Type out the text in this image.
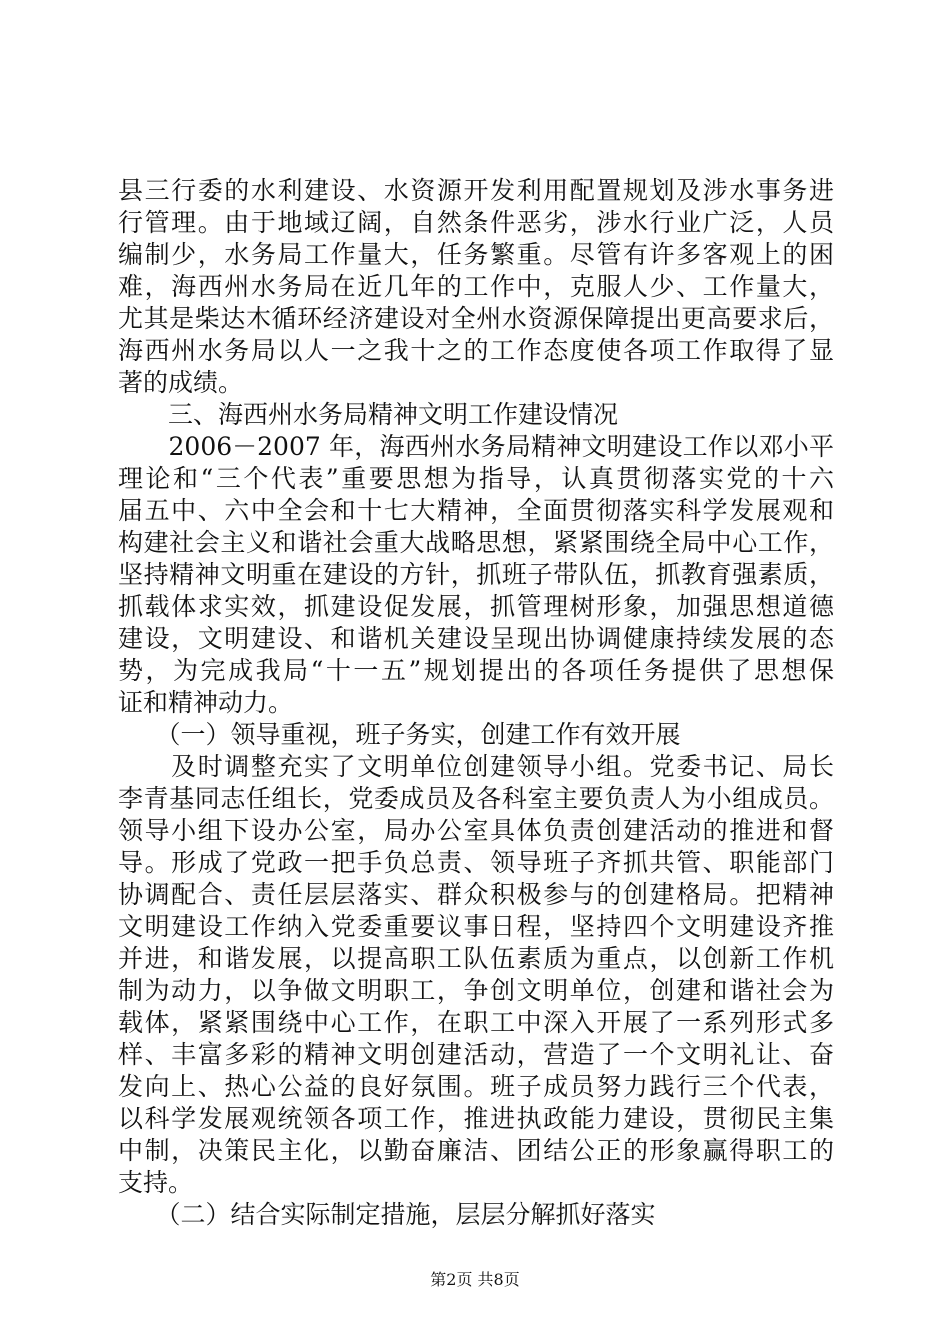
县三行委的水利建设、水资源开发利用配置规划及涉水事务进
行管理。由于地域辽阔，自然条件恶劣，涉水行业广泛，人员
编制少，水务局工作量大，任务繁重。尽管有许多客观上的困
难，海西州水务局在近几年的工作中，克服人少、工作量大，
尤其是柴达木循环经济建设对全州水资源保障提出更高要求后，
海西州水务局以人一之我十之的工作态度使各项工作取得了显
著的成绩。
　　三、海西州水务局精神文明工作建设情况
　　2006－2007 年，海西州水务局精神文明建设工作以邓小平
理论和“三个代表”重要思想为指导，认真贯彻落实党的十六
届五中、六中全会和十七大精神，全面贯彻落实科学发展观和
构建社会主义和谐社会重大战略思想，紧紧围绕全局中心工作，
坚持精神文明重在建设的方针，抓班子带队伍，抓教育强素质，
抓载体求实效，抓建设促发展，抓管理树形象，加强思想道德
建设，文明建设、和谐机关建设呈现出协调健康持续发展的态
势，为完成我局“十一五”规划提出的各项任务提供了思想保
证和精神动力。
　　（一）领导重视，班子务实，创建工作有效开展
　　及时调整充实了文明单位创建领导小组。党委书记、局长
李青基同志任组长，党委成员及各科室主要负责人为小组成员。
领导小组下设办公室，局办公室具体负责创建活动的推进和督
导。形成了党政一把手负总责、领导班子齐抓共管、职能部门
协调配合、责任层层落实、群众积极参与的创建格局。把精神
文明建设工作纳入党委重要议事日程，坚持四个文明建设齐推
并进，和谐发展，以提高职工队伍素质为重点，以创新工作机
制为动力，以争做文明职工，争创文明单位，创建和谐社会为
载体，紧紧围绕中心工作，在职工中深入开展了一系列形式多
样、丰富多彩的精神文明创建活动，营造了一个文明礼让、奋
发向上、热心公益的良好氛围。班子成员努力践行三个代表，
以科学发展观统领各项工作，推进执政能力建设，贯彻民主集
中制，决策民主化，以勤奋廉洁、团结公正的形象赢得职工的
支持。
　　（二）结合实际制定措施，层层分解抓好落实
第2页 共8页
